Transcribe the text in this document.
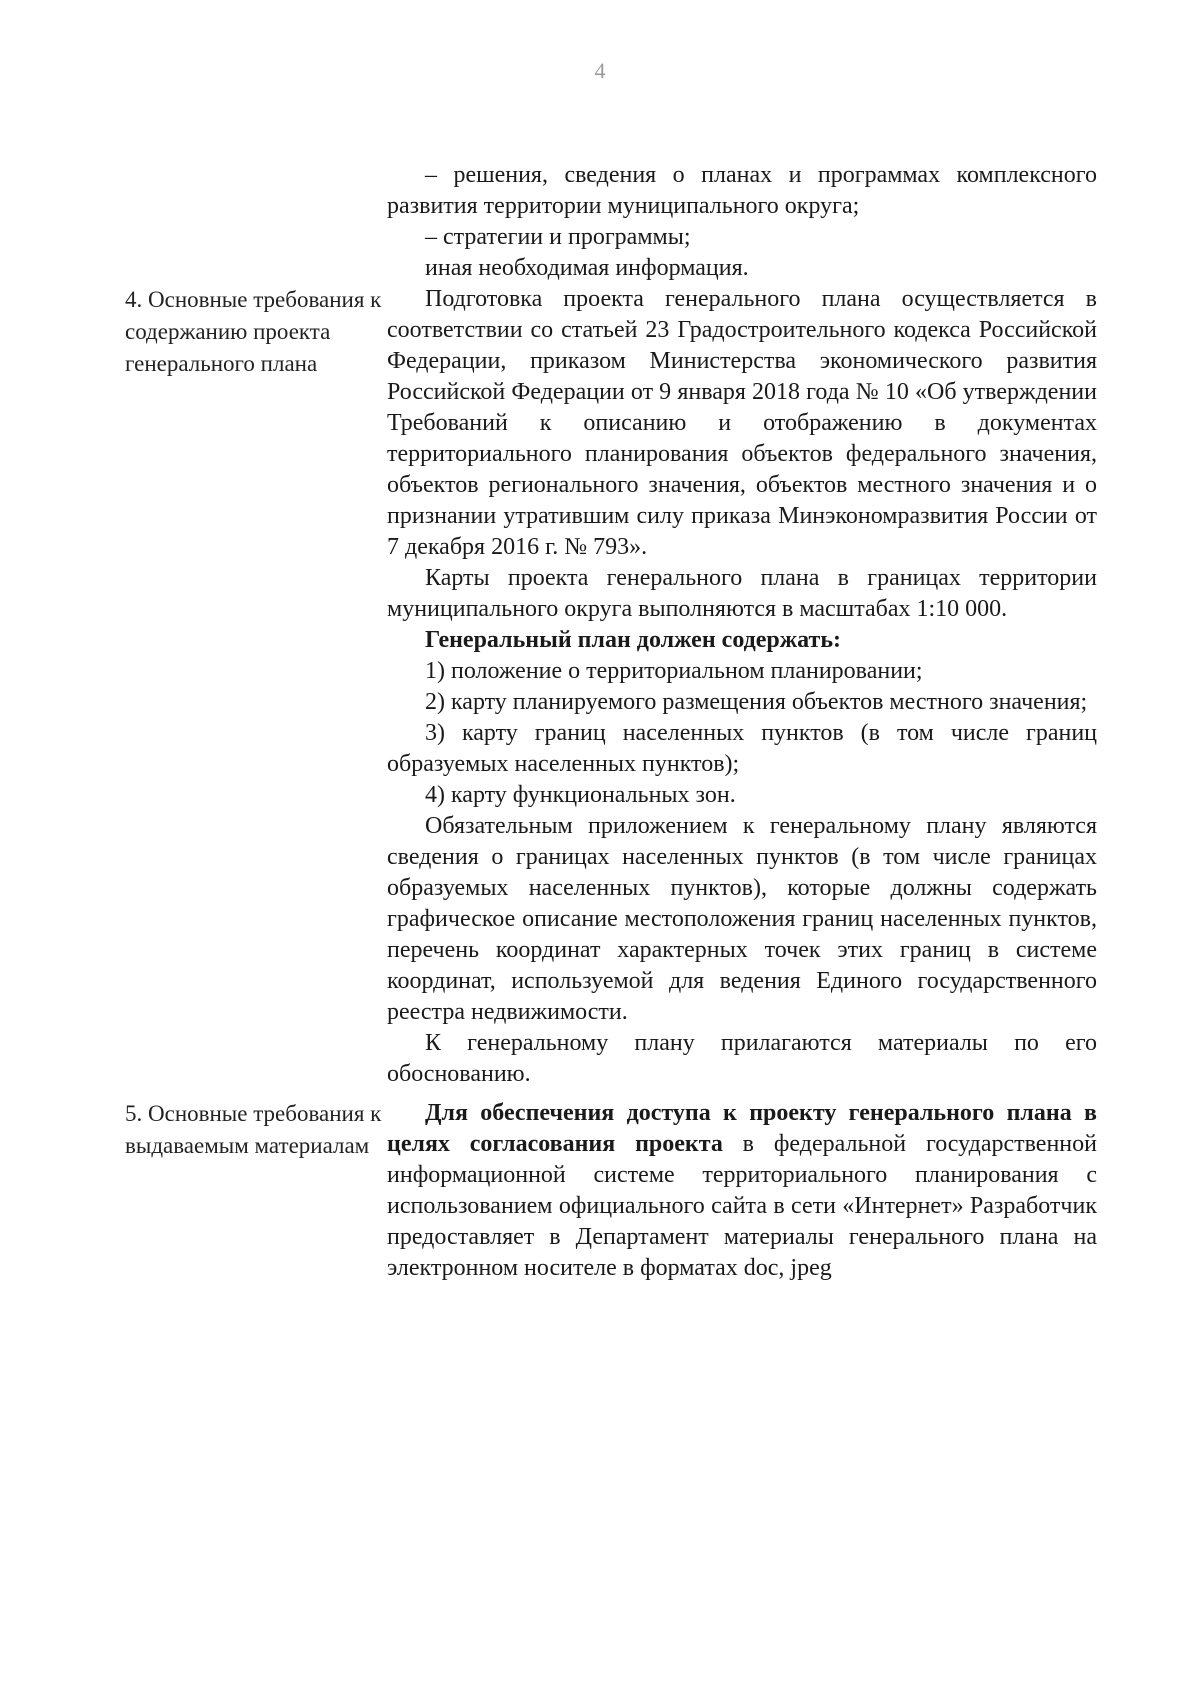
4

– решения, сведения о планах и программах комплексного развития территории муниципального округа;

– стратегии и программы;

иная необходимая информация.

4. Основные требования к содержанию проекта генерального плана

Подготовка проекта генерального плана осуществляется в соответствии со статьей 23 Градостроительного кодекса Российской Федерации, приказом Министерства экономического развития Российской Федерации от 9 января 2018 года № 10 «Об утверждении Требований к описанию и отображению в документах территориального планирования объектов федерального значения, объектов регионального значения, объектов местного значения и о признании утратившим силу приказа Минэкономразвития России от 7 декабря 2016 г. № 793».

Карты проекта генерального плана в границах территории муниципального округа выполняются в масштабах 1:10 000.

Генеральный план должен содержать:

1) положение о территориальном планировании;

2) карту планируемого размещения объектов местного значения;

3) карту границ населенных пунктов (в том числе границ образуемых населенных пунктов);

4) карту функциональных зон.

Обязательным приложением к генеральному плану являются сведения о границах населенных пунктов (в том числе границах образуемых населенных пунктов), которые должны содержать графическое описание местоположения границ населенных пунктов, перечень координат характерных точек этих границ в системе координат, используемой для ведения Единого государственного реестра недвижимости.

К генеральному плану прилагаются материалы по его обоснованию.

5. Основные требования к выдаваемым материалам

Для обеспечения доступа к проекту генерального плана в целях согласования проекта в федеральной государственной информационной системе территориального планирования с использованием официального сайта в сети «Интернет» Разработчик предоставляет в Департамент материалы генерального плана на электронном носителе в форматах doc, jpeg
